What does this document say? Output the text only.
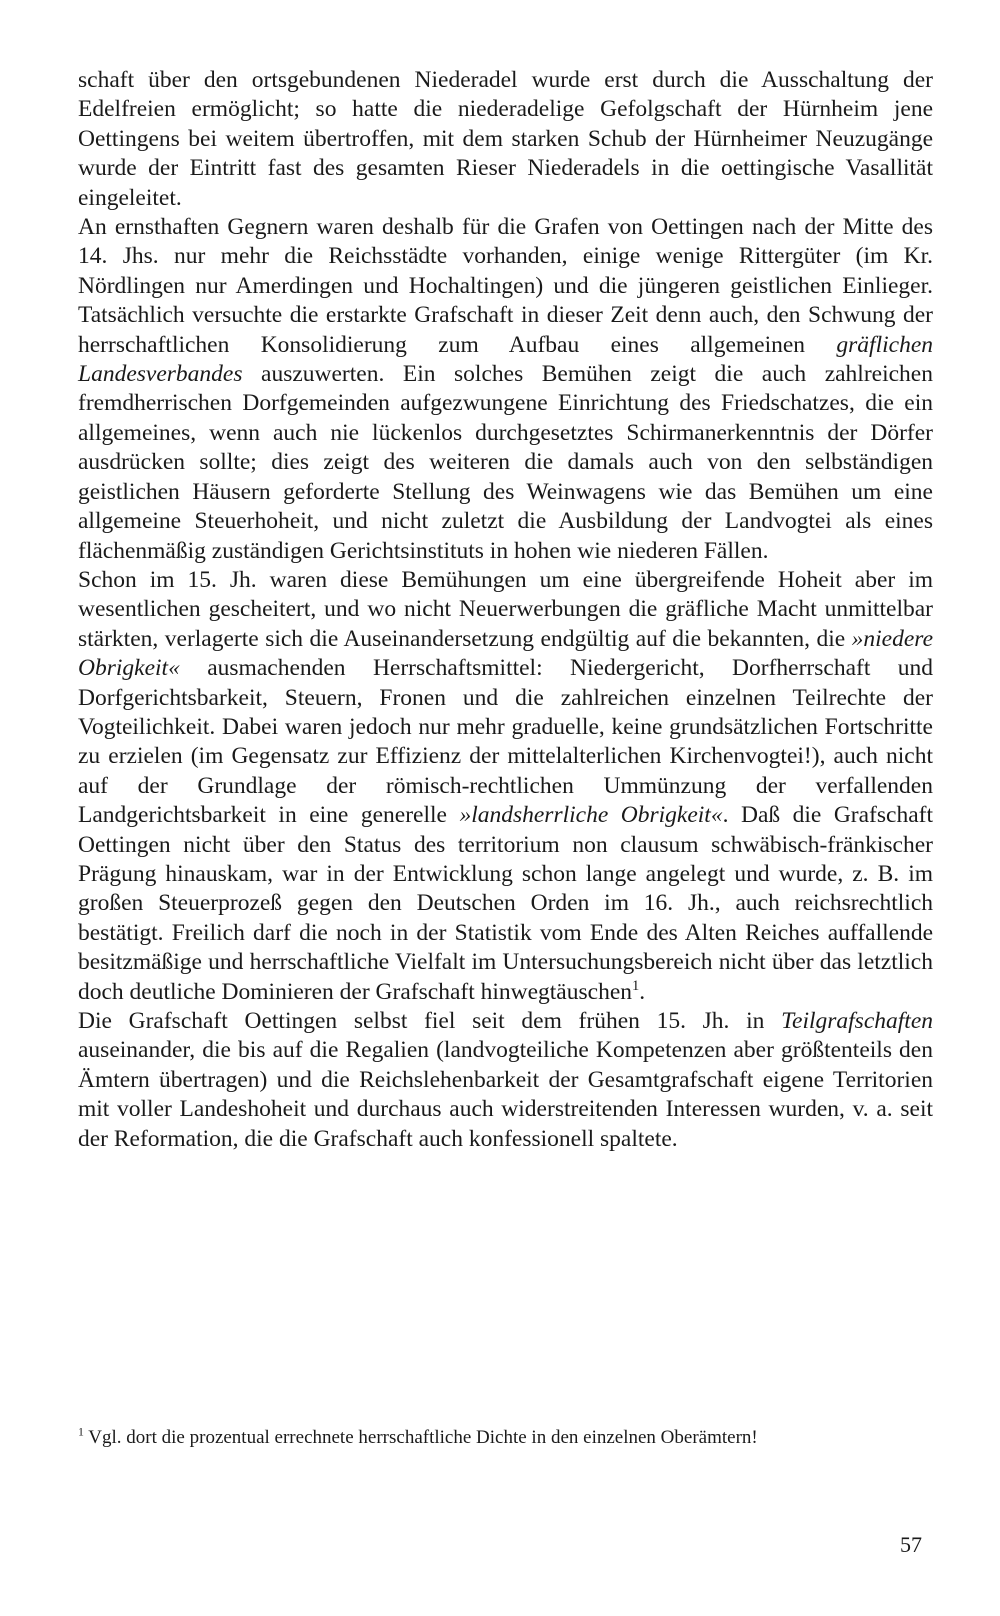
schaft über den ortsgebundenen Niederadel wurde erst durch die Ausschaltung der Edelfreien ermöglicht; so hatte die niederadelige Gefolgschaft der Hürnheim jene Oettingens bei weitem übertroffen, mit dem starken Schub der Hürnheimer Neuzugänge wurde der Eintritt fast des gesamten Rieser Niederadels in die oettingische Vasallität eingeleitet.

An ernsthaften Gegnern waren deshalb für die Grafen von Oettingen nach der Mitte des 14. Jhs. nur mehr die Reichsstädte vorhanden, einige wenige Rittergüter (im Kr. Nördlingen nur Amerdingen und Hochaltingen) und die jüngeren geistlichen Einlieger. Tatsächlich versuchte die erstarkte Grafschaft in dieser Zeit denn auch, den Schwung der herrschaftlichen Konsolidierung zum Aufbau eines allgemeinen gräflichen Landesverbandes auszuwerten. Ein solches Bemühen zeigt die auch zahlreichen fremdherrischen Dorfgemeinden aufgezwungene Einrichtung des Friedschatzes, die ein allgemeines, wenn auch nie lückenlos durchgesetztes Schirmanerkenntnis der Dörfer ausdrücken sollte; dies zeigt des weiteren die damals auch von den selbständigen geistlichen Häusern geforderte Stellung des Weinwagens wie das Bemühen um eine allgemeine Steuerhoheit, und nicht zuletzt die Ausbildung der Landvogtei als eines flächenmäßig zuständigen Gerichtsinstituts in hohen wie niederen Fällen.

Schon im 15. Jh. waren diese Bemühungen um eine übergreifende Hoheit aber im wesentlichen gescheitert, und wo nicht Neuerwerbungen die gräfliche Macht unmittelbar stärkten, verlagerte sich die Auseinandersetzung endgültig auf die bekannten, die »niedere Obrigkeit« ausmachenden Herrschaftsmittel: Niedergericht, Dorfherrschaft und Dorfgerichtsbarkeit, Steuern, Fronen und die zahlreichen einzelnen Teilrechte der Vogteilichkeit. Dabei waren jedoch nur mehr graduelle, keine grundsätzlichen Fortschritte zu erzielen (im Gegensatz zur Effizienz der mittelalterlichen Kirchenvogtei!), auch nicht auf der Grundlage der römisch-rechtlichen Ummünzung der verfallenden Landgerichtsbarkeit in eine generelle »landsherrliche Obrigkeit«. Daß die Grafschaft Oettingen nicht über den Status des territorium non clausum schwäbisch-fränkischer Prägung hinauskam, war in der Entwicklung schon lange angelegt und wurde, z. B. im großen Steuerprozeß gegen den Deutschen Orden im 16. Jh., auch reichsrechtlich bestätigt. Freilich darf die noch in der Statistik vom Ende des Alten Reiches auffallende besitzmäßige und herrschaftliche Vielfalt im Untersuchungsbereich nicht über das letztlich doch deutliche Dominieren der Grafschaft hinwegtäuschen$^1$.

Die Grafschaft Oettingen selbst fiel seit dem frühen 15. Jh. in Teilgrafschaften auseinander, die bis auf die Regalien (landvogteiliche Kompetenzen aber größtenteils den Ämtern übertragen) und die Reichslehenbarkeit der Gesamtgrafschaft eigene Territorien mit voller Landeshoheit und durchaus auch widerstreitenden Interessen wurden, v. a. seit der Reformation, die die Grafschaft auch konfessionell spaltete.

$^1$ Vgl. dort die prozentual errechnete herrschaftliche Dichte in den einzelnen Oberämtern!
57
